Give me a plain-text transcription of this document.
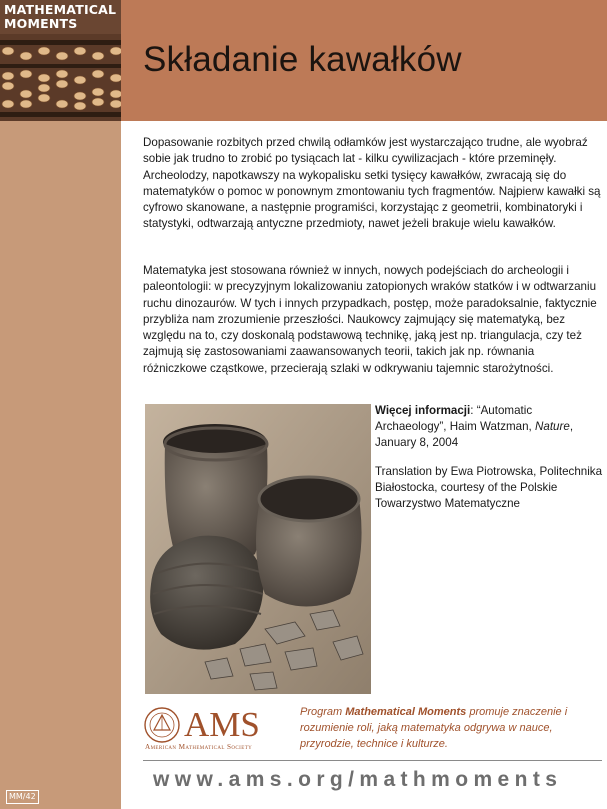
MATHEMATICAL MOMENTS
Składanie kawałków
Dopasowanie rozbitych przed chwilą odłamków jest wystarczająco trudne, ale wyobraź sobie jak trudno to zrobić po tysiącach lat - kilku cywilizacjach - które przeminęły. Archeolodzy, napotkawszy na wykopalisku setki tysięcy kawałków, zwracają się do matematyków o pomoc w ponownym zmontowaniu tych fragmentów. Najpierw kawałki są cyfrowo skanowane, a następnie programiści, korzystając z geometrii, kombinatoryki i statystyki, odtwarzają antyczne przedmioty, nawet jeżeli brakuje wielu kawałków.
Matematyka jest stosowana również w innych, nowych podejściach do archeologii i paleontologii: w precyzyjnym lokalizowaniu zatopionych wraków statków i w odtwarzaniu ruchu dinozaurów. W tych i innych przypadkach, postęp, może paradoksalnie, faktycznie przybliża nam zrozumienie przeszłości. Naukowcy zajmujący się matematyką, bez względu na to, czy doskonalą podstawową technikę, jaką jest np. triangulacja, czy też zajmują się zastosowaniami zaawansowanych teorii, takich jak np. równania różniczkowe cząstkowe, przecierają szlaki w odkrywaniu tajemnic starożytności.
Więcej informacji: “Automatic Archaeology”, Haim Watzman, Nature, January 8, 2004
Translation by Ewa Piotrowska, Politechnika Białostocka, courtesy of the Polskie Towarzystwo Matematyczne
AMS
American Mathematical Society
Program Mathematical Moments promuje znaczenie i rozumienie roli, jaką matematyka odgrywa w nauce, przyrodzie, technice i kulturze.
www.ams.org/mathmoments
MM/42
